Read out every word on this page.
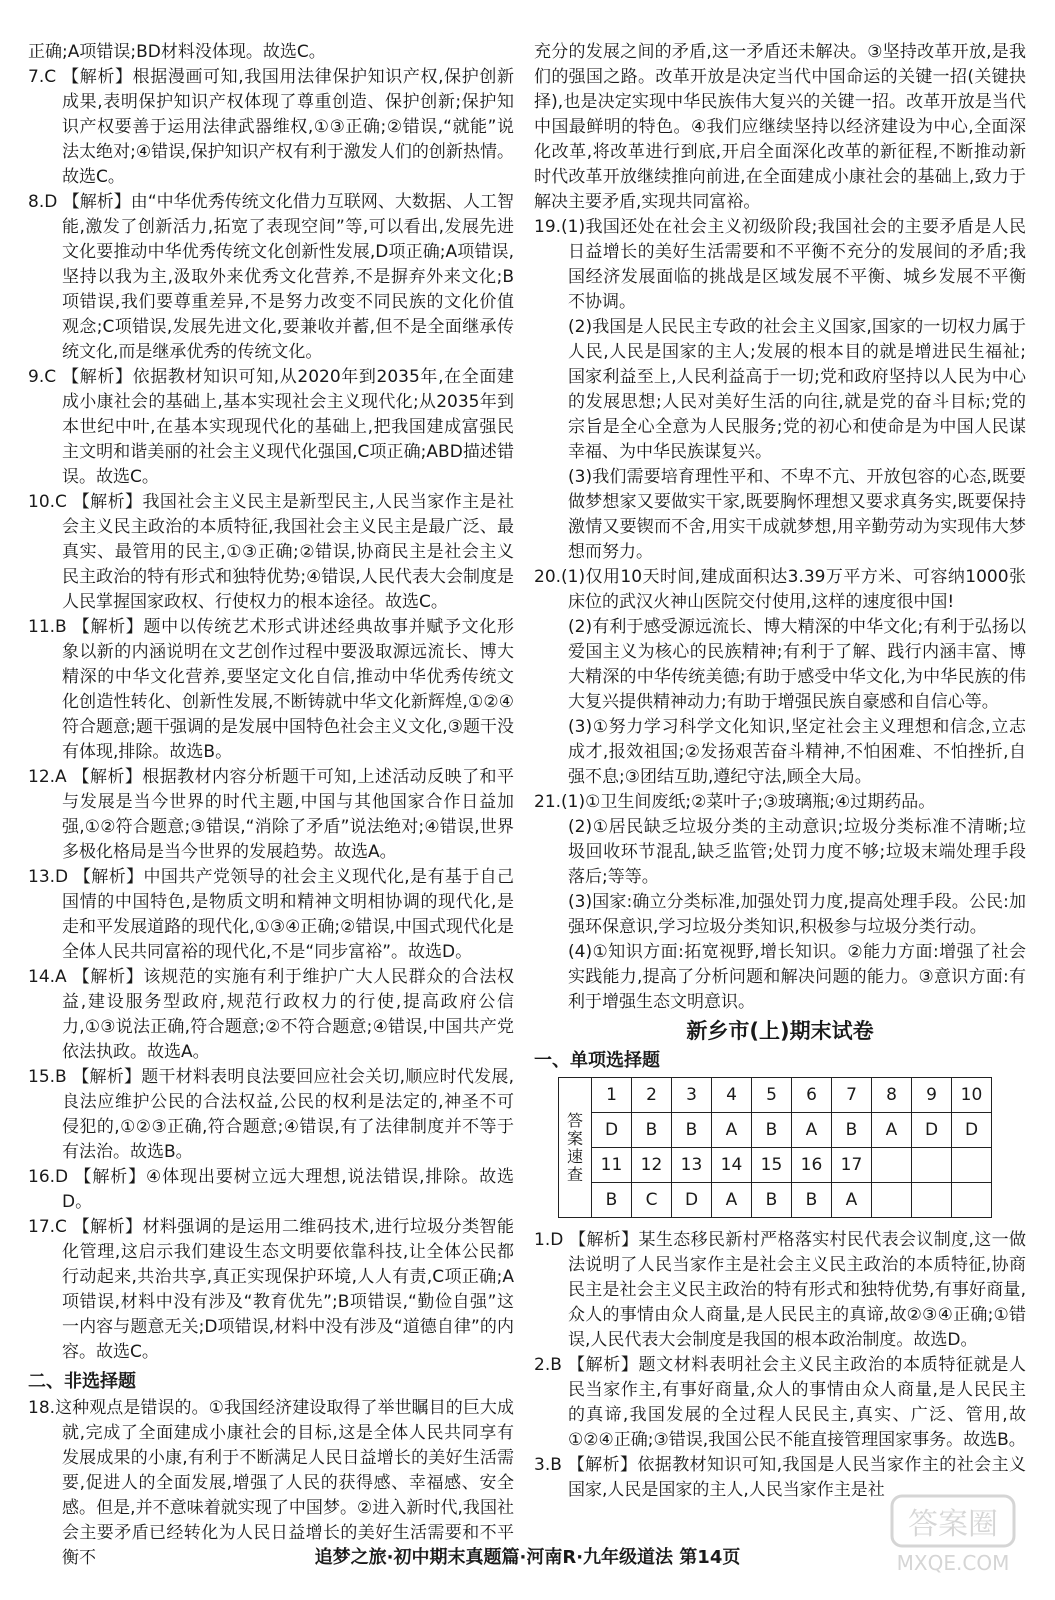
正确;A项错误;BD材料没体现。故选C。

7.C 【解析】根据漫画可知,我国用法律保护知识产权,保护创新成果,表明保护知识产权体现了尊重创造、保护创新;保护知识产权要善于运用法律武器维权,①③正确;②错误,“就能”说法太绝对;④错误,保护知识产权有利于激发人们的创新热情。故选C。

8.D 【解析】由“中华优秀传统文化借力互联网、大数据、人工智能,激发了创新活力,拓宽了表现空间”等,可以看出,发展先进文化要推动中华优秀传统文化创新性发展,D项正确;A项错误,坚持以我为主,汲取外来优秀文化营养,不是摒弃外来文化;B项错误,我们要尊重差异,不是努力改变不同民族的文化价值观念;C项错误,发展先进文化,要兼收并蓄,但不是全面继承传统文化,而是继承优秀的传统文化。

9.C 【解析】依据教材知识可知,从2020年到2035年,在全面建成小康社会的基础上,基本实现社会主义现代化;从2035年到本世纪中叶,在基本实现现代化的基础上,把我国建成富强民主文明和谐美丽的社会主义现代化强国,C项正确;ABD描述错误。故选C。

10.C 【解析】我国社会主义民主是新型民主,人民当家作主是社会主义民主政治的本质特征,我国社会主义民主是最广泛、最真实、最管用的民主,①③正确;②错误,协商民主是社会主义民主政治的特有形式和独特优势;④错误,人民代表大会制度是人民掌握国家政权、行使权力的根本途径。故选C。

11.B 【解析】题中以传统艺术形式讲述经典故事并赋予文化形象以新的内涵说明在文艺创作过程中要汲取源远流长、博大精深的中华文化营养,要坚定文化自信,推动中华优秀传统文化创造性转化、创新性发展,不断铸就中华文化新辉煌,①②④符合题意;题干强调的是发展中国特色社会主义文化,③题干没有体现,排除。故选B。

12.A 【解析】根据教材内容分析题干可知,上述活动反映了和平与发展是当今世界的时代主题,中国与其他国家合作日益加强,①②符合题意;③错误,“消除了矛盾”说法绝对;④错误,世界多极化格局是当今世界的发展趋势。故选A。

13.D 【解析】中国共产党领导的社会主义现代化,是有基于自己国情的中国特色,是物质文明和精神文明相协调的现代化,是走和平发展道路的现代化,①③④正确;②错误,中国式现代化是全体人民共同富裕的现代化,不是“同步富裕”。故选D。

14.A 【解析】该规范的实施有利于维护广大人民群众的合法权益,建设服务型政府,规范行政权力的行使,提高政府公信力,①③说法正确,符合题意;②不符合题意;④错误,中国共产党依法执政。故选A。

15.B 【解析】题干材料表明良法要回应社会关切,顺应时代发展,良法应维护公民的合法权益,公民的权利是法定的,神圣不可侵犯的,①②③正确,符合题意;④错误,有了法律制度并不等于有法治。故选B。

16.D 【解析】④体现出要树立远大理想,说法错误,排除。故选D。

17.C 【解析】材料强调的是运用二维码技术,进行垃圾分类智能化管理,这启示我们建设生态文明要依靠科技,让全体公民都行动起来,共治共享,真正实现保护环境,人人有责,C项正确;A项错误,材料中没有涉及“教育优先”;B项错误,“勤俭自强”这一内容与题意无关;D项错误,材料中没有涉及“道德自律”的内容。故选C。

二、非选择题

18.这种观点是错误的。①我国经济建设取得了举世瞩目的巨大成就,完成了全面建成小康社会的目标,这是全体人民共同享有发展成果的小康,有利于不断满足人民日益增长的美好生活需要,促进人的全面发展,增强了人民的获得感、幸福感、安全感。但是,并不意味着就实现了中国梦。②进入新时代,我国社会主要矛盾已经转化为人民日益增长的美好生活需要和不平衡不

充分的发展之间的矛盾,这一矛盾还未解决。③坚持改革开放,是我们的强国之路。改革开放是决定当代中国命运的关键一招(关键抉择),也是决定实现中华民族伟大复兴的关键一招。改革开放是当代中国最鲜明的特色。④我们应继续坚持以经济建设为中心,全面深化改革,将改革进行到底,开启全面深化改革的新征程,不断推动新时代改革开放继续推向前进,在全面建成小康社会的基础上,致力于解决主要矛盾,实现共同富裕。

19.(1)我国还处在社会主义初级阶段;我国社会的主要矛盾是人民日益增长的美好生活需要和不平衡不充分的发展间的矛盾;我国经济发展面临的挑战是区域发展不平衡、城乡发展不平衡不协调。

(2)我国是人民民主专政的社会主义国家,国家的一切权力属于人民,人民是国家的主人;发展的根本目的就是增进民生福祉;国家利益至上,人民利益高于一切;党和政府坚持以人民为中心的发展思想;人民对美好生活的向往,就是党的奋斗目标;党的宗旨是全心全意为人民服务;党的初心和使命是为中国人民谋幸福、为中华民族谋复兴。

(3)我们需要培育理性平和、不卑不亢、开放包容的心态,既要做梦想家又要做实干家,既要胸怀理想又要求真务实,既要保持激情又要锲而不舍,用实干成就梦想,用辛勤劳动为实现伟大梦想而努力。

20.(1)仅用10天时间,建成面积达3.39万平方米、可容纳1000张床位的武汉火神山医院交付使用,这样的速度很中国!

(2)有利于感受源远流长、博大精深的中华文化;有利于弘扬以爱国主义为核心的民族精神;有利于了解、践行内涵丰富、博大精深的中华传统美德;有助于感受中华文化,为中华民族的伟大复兴提供精神动力;有助于增强民族自豪感和自信心等。

(3)①努力学习科学文化知识,坚定社会主义理想和信念,立志成才,报效祖国;②发扬艰苦奋斗精神,不怕困难、不怕挫折,自强不息;③团结互助,遵纪守法,顾全大局。

21.(1)①卫生间废纸;②菜叶子;③玻璃瓶;④过期药品。

(2)①居民缺乏垃圾分类的主动意识;垃圾分类标准不清晰;垃圾回收环节混乱,缺乏监管;处罚力度不够;垃圾末端处理手段落后;等等。

(3)国家:确立分类标准,加强处罚力度,提高处理手段。公民:加强环保意识,学习垃圾分类知识,积极参与垃圾分类行动。

(4)①知识方面:拓宽视野,增长知识。②能力方面:增强了社会实践能力,提高了分析问题和解决问题的能力。③意识方面:有利于增强生态文明意识。

新乡市(上)期末试卷

一、单项选择题

答案速查	1	2	3	4	5	6	7	8	9	10
	D	B	B	A	B	A	B	A	D	D
	11	12	13	14	15	16	17			
	B	C	D	A	B	B	A			

1.D 【解析】某生态移民新村严格落实村民代表会议制度,这一做法说明了人民当家作主是社会主义民主政治的本质特征,协商民主是社会主义民主政治的特有形式和独特优势,有事好商量,众人的事情由众人商量,是人民民主的真谛,故②③④正确;①错误,人民代表大会制度是我国的根本政治制度。故选D。

2.B 【解析】题文材料表明社会主义民主政治的本质特征就是人民当家作主,有事好商量,众人的事情由众人商量,是人民民主的真谛,我国发展的全过程人民民主,真实、广泛、管用,故①②④正确;③错误,我国公民不能直接管理国家事务。故选B。

3.B 【解析】依据教材知识可知,我国是人民当家作主的社会主义国家,人民是国家的主人,人民当家作主是社

追梦之旅·初中期末真题篇·河南R·九年级道法 第14页
答案圈
MXQE.COM
